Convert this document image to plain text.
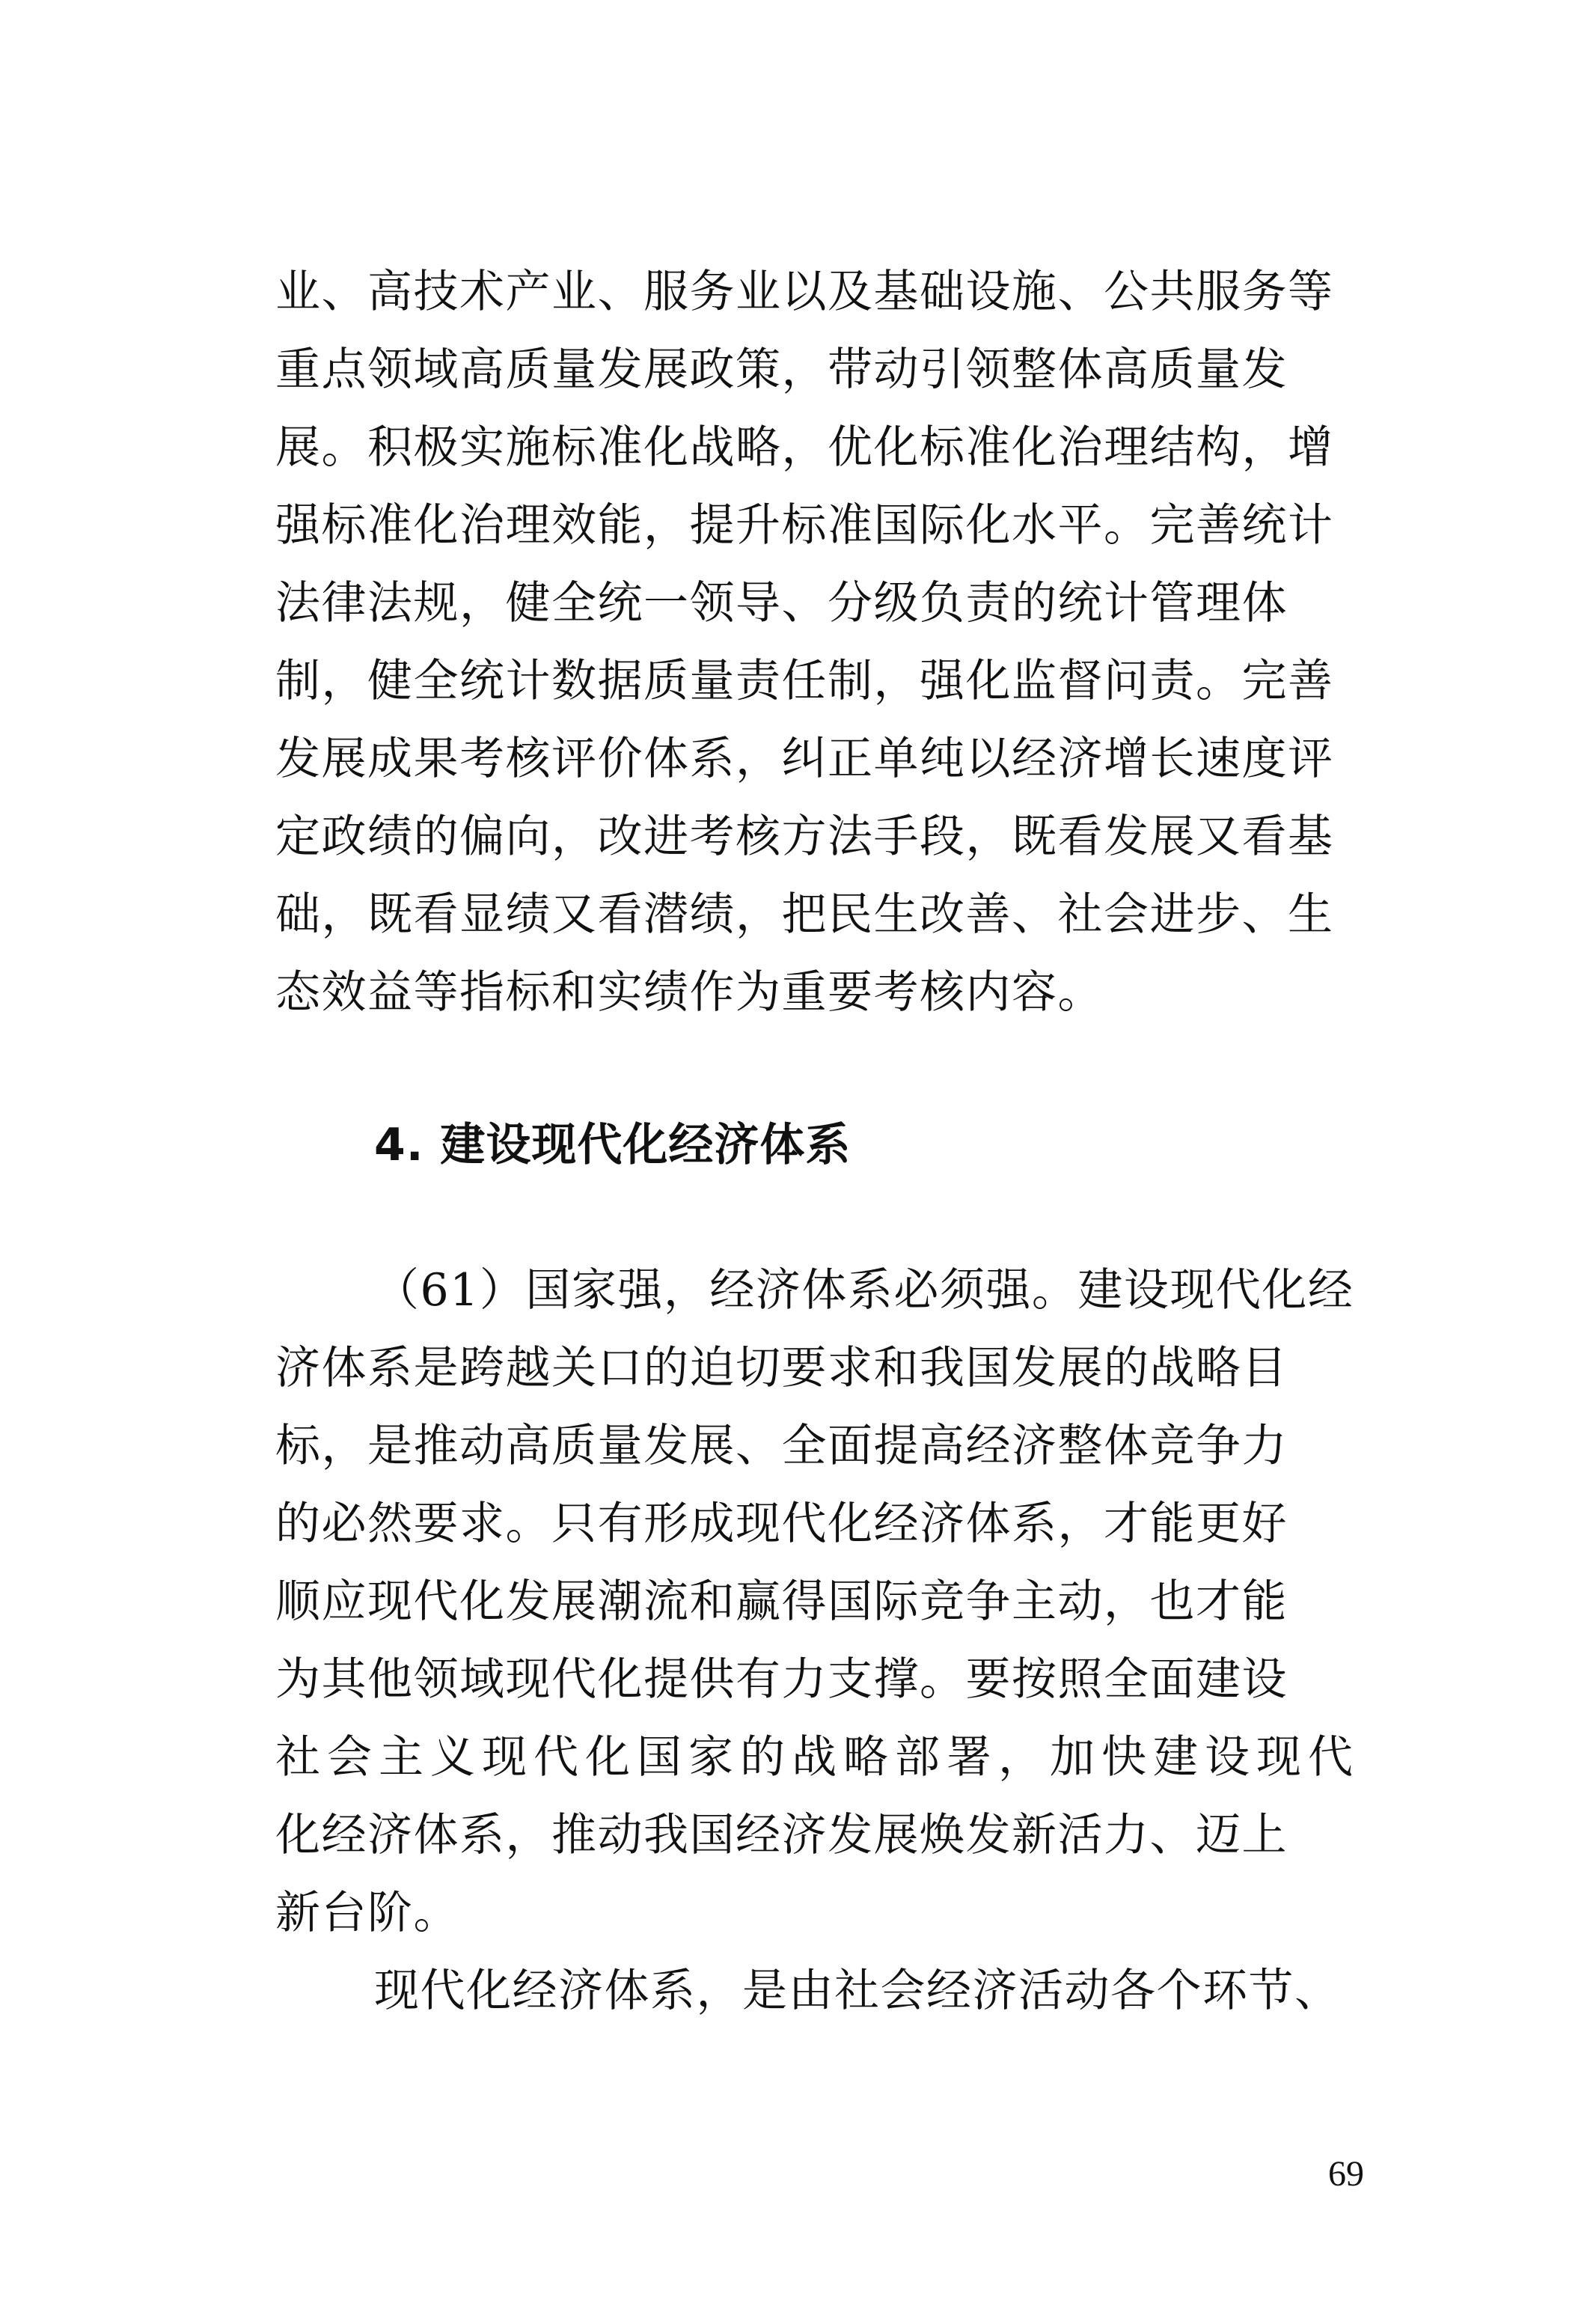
业、高技术产业、服务业以及基础设施、公共服务等
重点领域高质量发展政策，带动引领整体高质量发
展。积极实施标准化战略，优化标准化治理结构，增
强标准化治理效能，提升标准国际化水平。完善统计
法律法规，健全统一领导、分级负责的统计管理体
制，健全统计数据质量责任制，强化监督问责。完善
发展成果考核评价体系，纠正单纯以经济增长速度评
定政绩的偏向，改进考核方法手段，既看发展又看基
础，既看显绩又看潜绩，把民生改善、社会进步、生
态效益等指标和实绩作为重要考核内容。
4. 建设现代化经济体系
（61）国家强，经济体系必须强。建设现代化经
济体系是跨越关口的迫切要求和我国发展的战略目
标，是推动高质量发展、全面提高经济整体竞争力
的必然要求。只有形成现代化经济体系，才能更好
顺应现代化发展潮流和赢得国际竞争主动，也才能
为其他领域现代化提供有力支撑。要按照全面建设
社会主义现代化国家的战略部署，加快建设现代
化经济体系，推动我国经济发展焕发新活力、迈上
新台阶。
现代化经济体系，是由社会经济活动各个环节、
69
